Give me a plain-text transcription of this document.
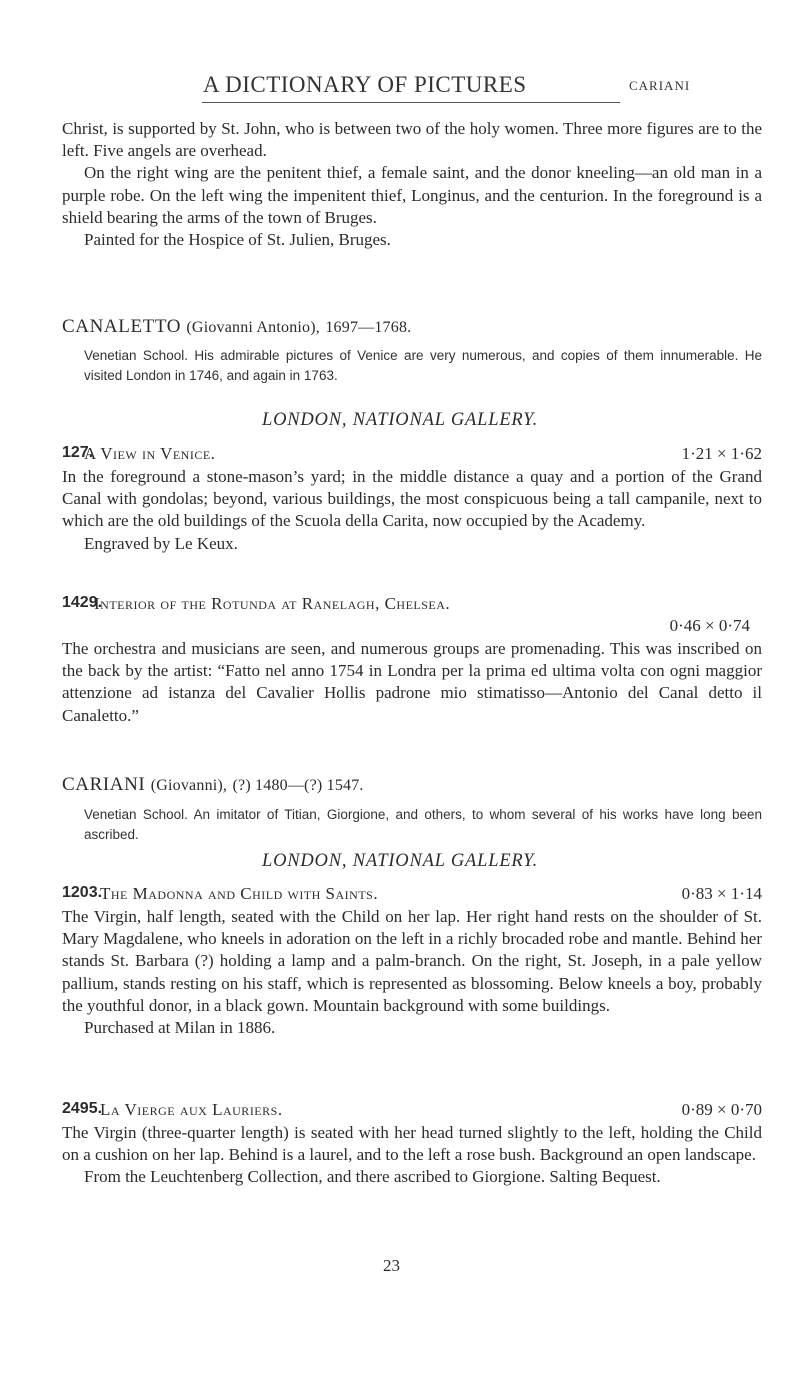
A DICTIONARY OF PICTURES	CARIANI

Christ, is supported by St. John, who is between two of the holy women. Three more figures are to the left. Five angels are overhead.

On the right wing are the penitent thief, a female saint, and the donor kneeling—an old man in a purple robe. On the left wing the impenitent thief, Longinus, and the centurion. In the foreground is a shield bearing the arms of the town of Bruges.

Painted for the Hospice of St. Julien, Bruges.

CANALETTO (Giovanni Antonio), 1697—1768.

Venetian School. His admirable pictures of Venice are very numerous, and copies of them innumerable. He visited London in 1746, and again in 1763.

LONDON, NATIONAL GALLERY.

127.
A View in Venice.	1·21 × 1·62

In the foreground a stone-mason’s yard; in the middle distance a quay and a portion of the Grand Canal with gondolas; beyond, various buildings, the most conspicuous being a tall campanile, next to which are the old buildings of the Scuola della Carita, now occupied by the Academy.

Engraved by Le Keux.

1429.
Interior of the Rotunda at Ranelagh, Chelsea.
0·46 × 0·74

The orchestra and musicians are seen, and numerous groups are promenading. This was inscribed on the back by the artist: “Fatto nel anno 1754 in Londra per la prima ed ultima volta con ogni maggior attenzione ad istanza del Cavalier Hollis padrone mio stimatisso—Antonio del Canal detto il Canaletto.”

CARIANI (Giovanni), (?) 1480—(?) 1547.

Venetian School. An imitator of Titian, Giorgione, and others, to whom several of his works have long been ascribed.

LONDON, NATIONAL GALLERY.

1203.
The Madonna and Child with Saints.	0·83 × 1·14

The Virgin, half length, seated with the Child on her lap. Her right hand rests on the shoulder of St. Mary Magdalene, who kneels in adoration on the left in a richly brocaded robe and mantle. Behind her stands St. Barbara (?) holding a lamp and a palm-branch. On the right, St. Joseph, in a pale yellow pallium, stands resting on his staff, which is represented as blossoming. Below kneels a boy, probably the youthful donor, in a black gown. Mountain background with some buildings.

Purchased at Milan in 1886.

2495.
La Vierge aux Lauriers.	0·89 × 0·70

The Virgin (three-quarter length) is seated with her head turned slightly to the left, holding the Child on a cushion on her lap. Behind is a laurel, and to the left a rose bush. Background an open landscape.

From the Leuchtenberg Collection, and there ascribed to Giorgione. Salting Bequest.

23
